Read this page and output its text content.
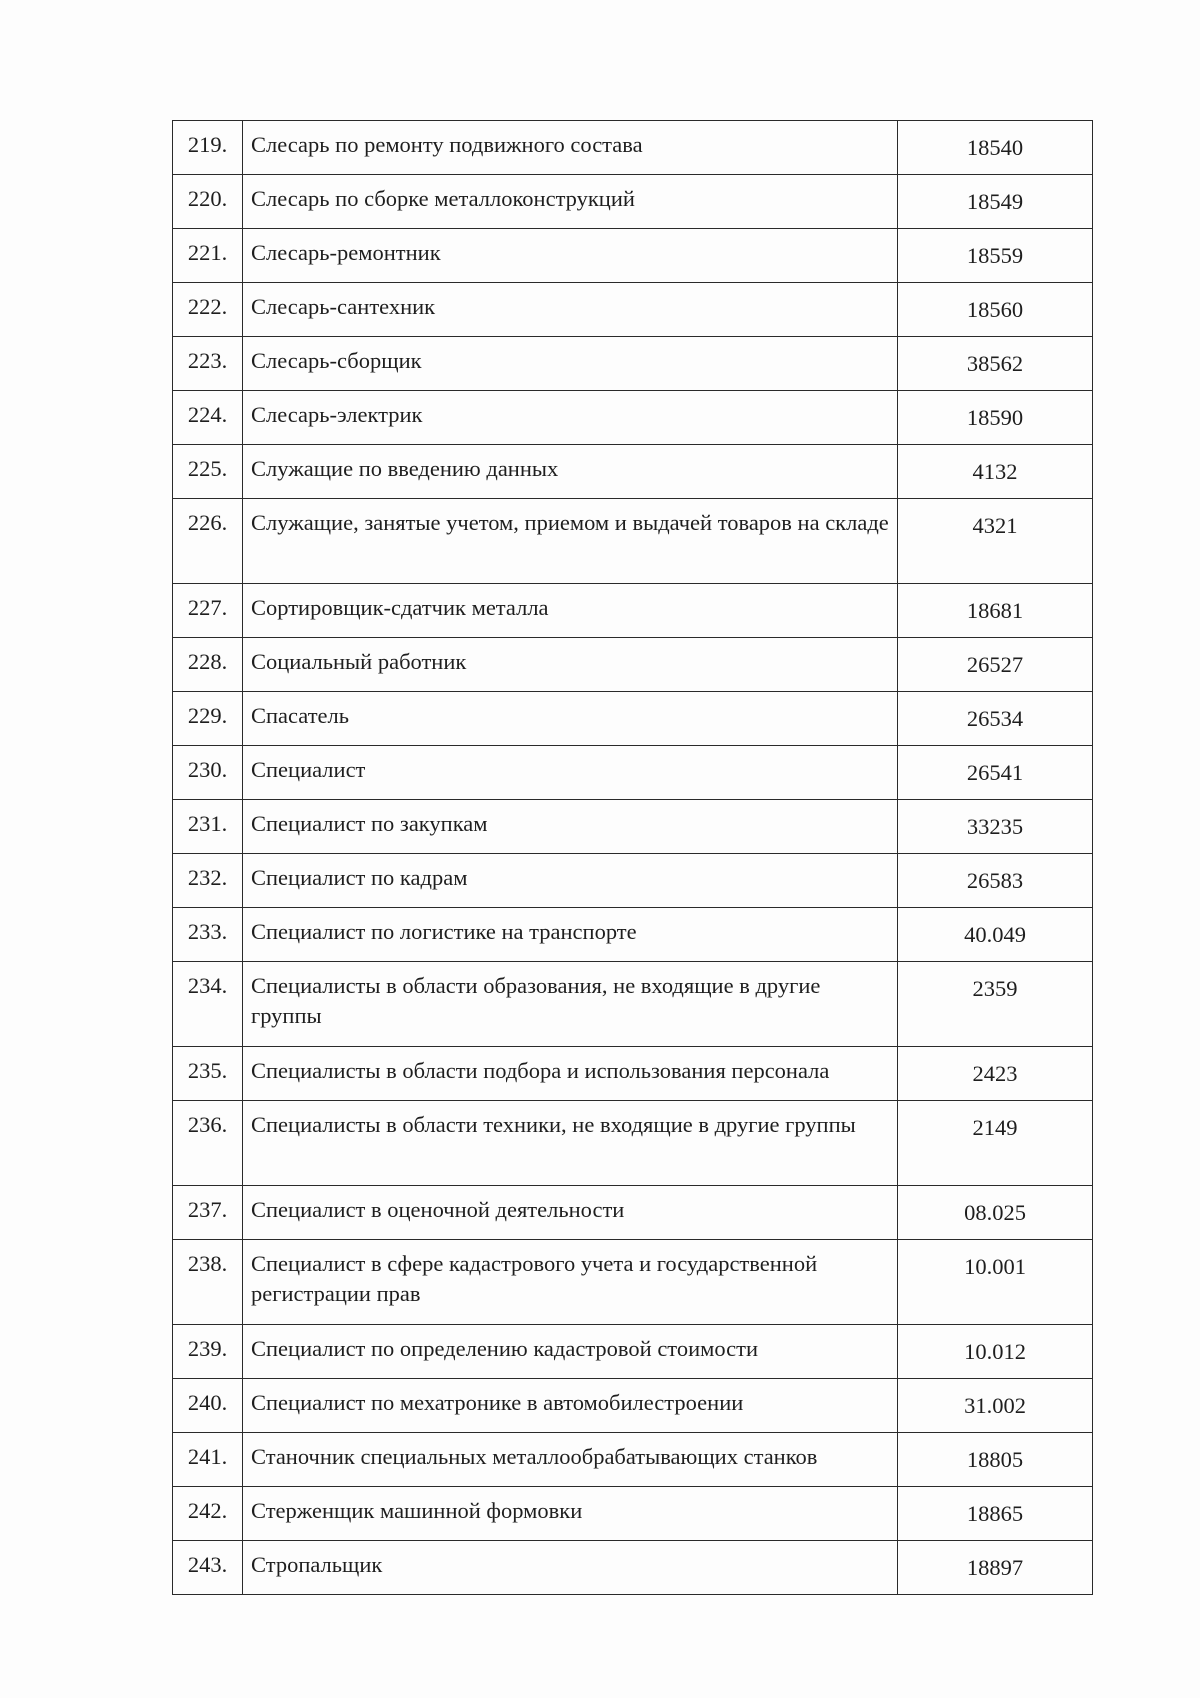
219.	Слесарь по ремонту подвижного состава	18540
220.	Слесарь по сборке металлоконструкций	18549
221.	Слесарь-ремонтник	18559
222.	Слесарь-сантехник	18560
223.	Слесарь-сборщик	38562
224.	Слесарь-электрик	18590
225.	Служащие по введению данных	4132
226.	Служащие, занятые учетом, приемом и выдачей товаров на складе	4321
227.	Сортировщик-сдатчик металла	18681
228.	Социальный работник	26527
229.	Спасатель	26534
230.	Специалист	26541
231.	Специалист по закупкам	33235
232.	Специалист по кадрам	26583
233.	Специалист по логистике на транспорте	40.049
234.	Специалисты в области образования, не входящие в другие группы	2359
235.	Специалисты в области подбора и использования персонала	2423
236.	Специалисты в области техники, не входящие в другие группы	2149
237.	Специалист в оценочной деятельности	08.025
238.	Специалист в сфере кадастрового учета и государственной регистрации прав	10.001
239.	Специалист по определению кадастровой стоимости	10.012
240.	Специалист по мехатронике в автомобилестроении	31.002
241.	Станочник специальных металлообрабатывающих станков	18805
242.	Стерженщик машинной формовки	18865
243.	Стропальщик	18897
